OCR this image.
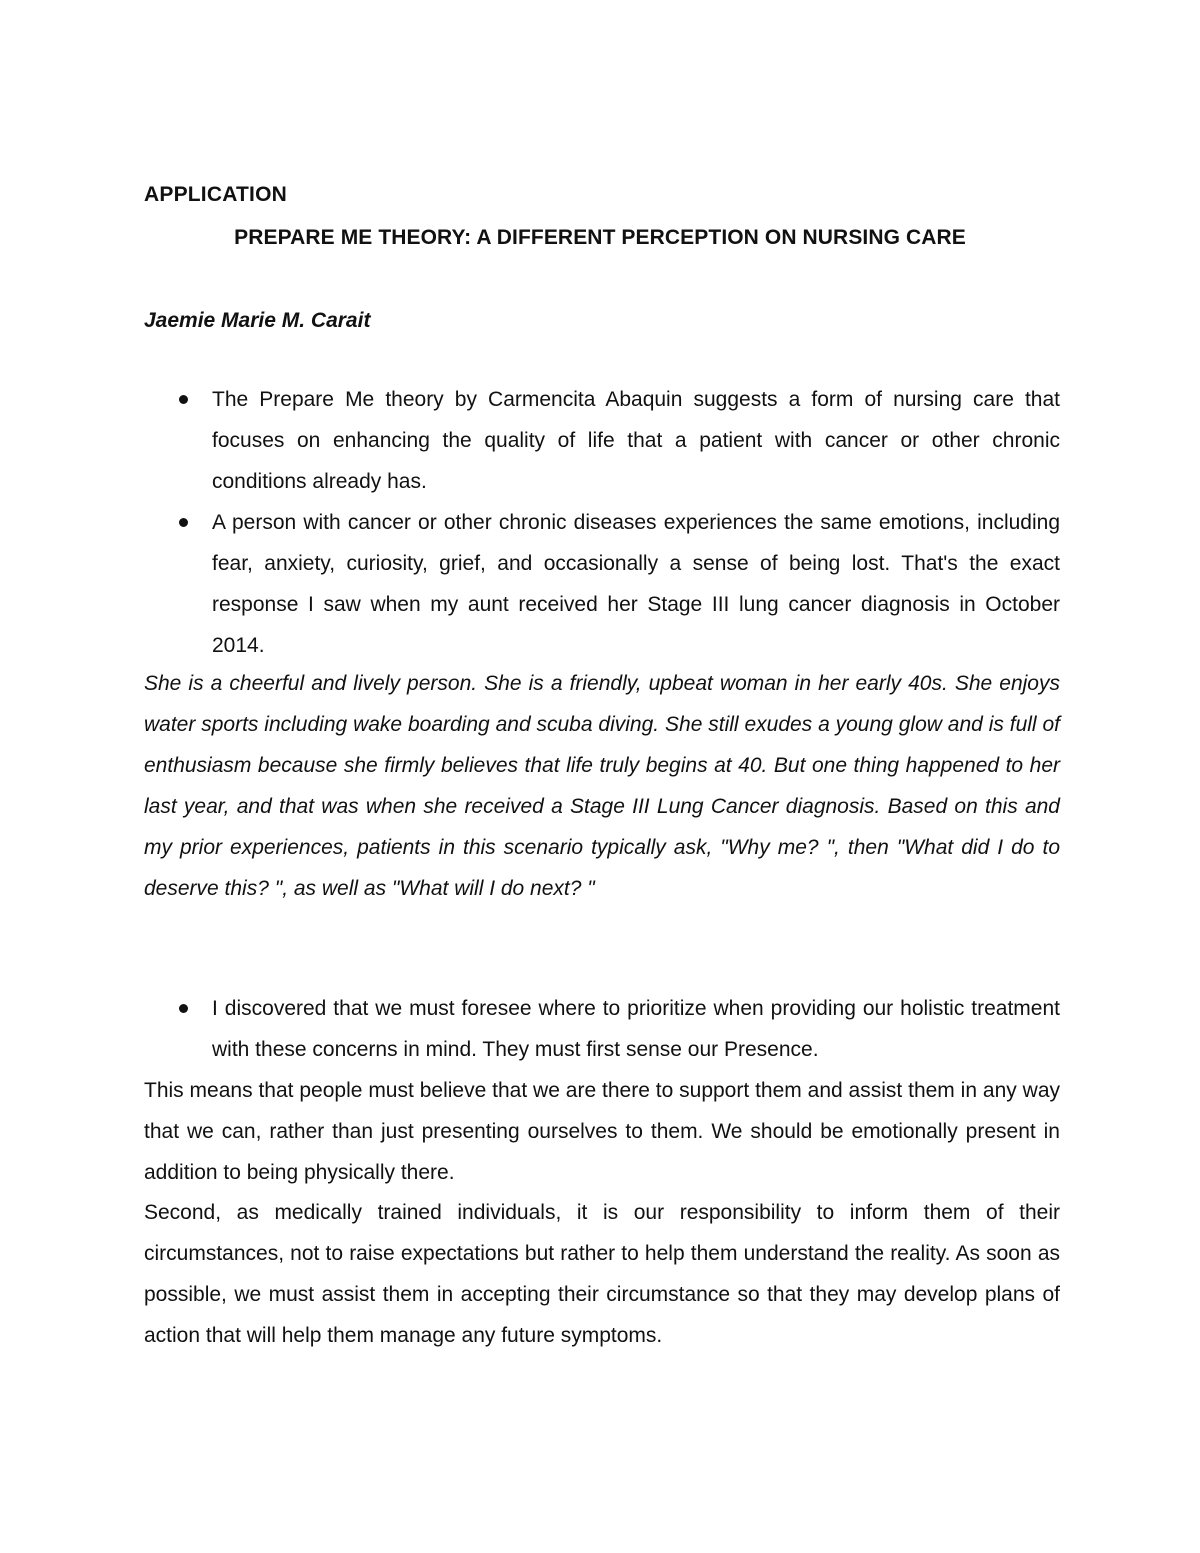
APPLICATION
PREPARE ME THEORY: A DIFFERENT PERCEPTION ON NURSING CARE
Jaemie Marie M. Carait
The Prepare Me theory by Carmencita Abaquin suggests a form of nursing care that focuses on enhancing the quality of life that a patient with cancer or other chronic conditions already has.
A person with cancer or other chronic diseases experiences the same emotions, including fear, anxiety, curiosity, grief, and occasionally a sense of being lost. That's the exact response I saw when my aunt received her Stage III lung cancer diagnosis in October 2014.

She is a cheerful and lively person. She is a friendly, upbeat woman in her early 40s. She enjoys water sports including wake boarding and scuba diving. She still exudes a young glow and is full of enthusiasm because she firmly believes that life truly begins at 40. But one thing happened to her last year, and that was when she received a Stage III Lung Cancer diagnosis. Based on this and my prior experiences, patients in this scenario typically ask, "Why me? ", then "What did I do to deserve this? ", as well as "What will I do next? "

I discovered that we must foresee where to prioritize when providing our holistic treatment with these concerns in mind. They must first sense our Presence.

This means that people must believe that we are there to support them and assist them in any way that we can, rather than just presenting ourselves to them. We should be emotionally present in addition to being physically there.

Second, as medically trained individuals, it is our responsibility to inform them of their circumstances, not to raise expectations but rather to help them understand the reality. As soon as possible, we must assist them in accepting their circumstance so that they may develop plans of action that will help them manage any future symptoms.
